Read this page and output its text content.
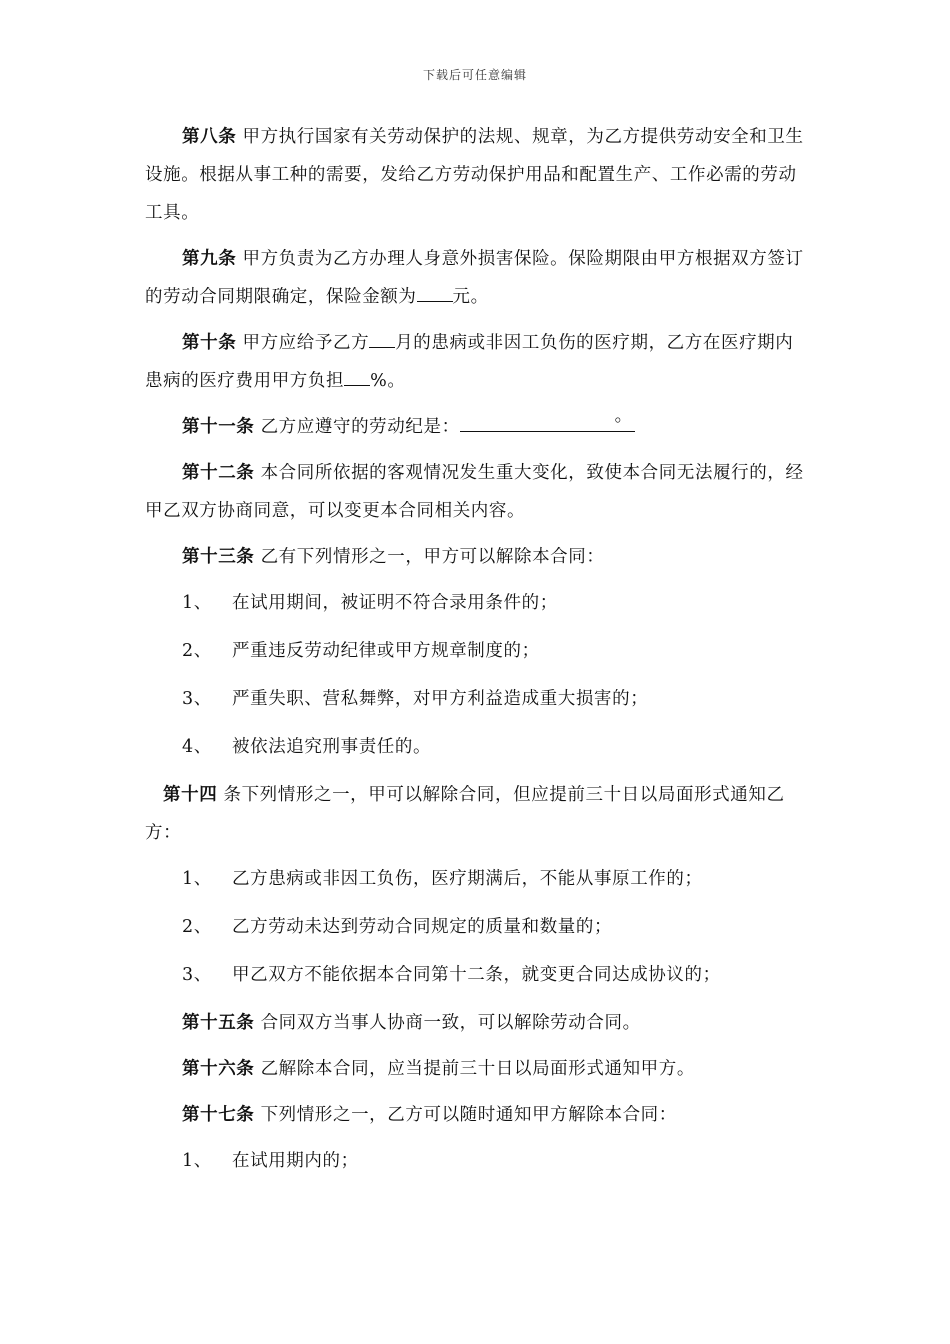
下载后可任意编辑

第八条 甲方执行国家有关劳动保护的法规、规章，为乙方提供劳动安全和卫生设施。根据从事工种的需要，发给乙方劳动保护用品和配置生产、工作必需的劳动工具。

第九条 甲方负责为乙方办理人身意外损害保险。保险期限由甲方根据双方签订的劳动合同期限确定，保险金额为 元。

第十条 甲方应给予乙方 月的患病或非因工负伤的医疗期，乙方在医疗期内患病的医疗费用甲方负担 %。

第十一条 乙方应遵守的劳动纪是：
。

第十二条 本合同所依据的客观情况发生重大变化，致使本合同无法履行的，经甲乙双方协商同意，可以变更本合同相关内容。

第十三条 乙有下列情形之一，甲方可以解除本合同：

1、	在试用期间，被证明不符合录用条件的；
2、	严重违反劳动纪律或甲方规章制度的；
3、	严重失职、营私舞弊，对甲方利益造成重大损害的；
4、	被依法追究刑事责任的。

第十四 条下列情形之一，甲可以解除合同，但应提前三十日以局面形式通知乙方：

1、	乙方患病或非因工负伤，医疗期满后，不能从事原工作的；
2、	乙方劳动未达到劳动合同规定的质量和数量的；
3、	甲乙双方不能依据本合同第十二条，就变更合同达成协议的；

第十五条 合同双方当事人协商一致，可以解除劳动合同。

第十六条 乙解除本合同，应当提前三十日以局面形式通知甲方。

第十七条 下列情形之一，乙方可以随时通知甲方解除本合同：

1、	在试用期内的；
